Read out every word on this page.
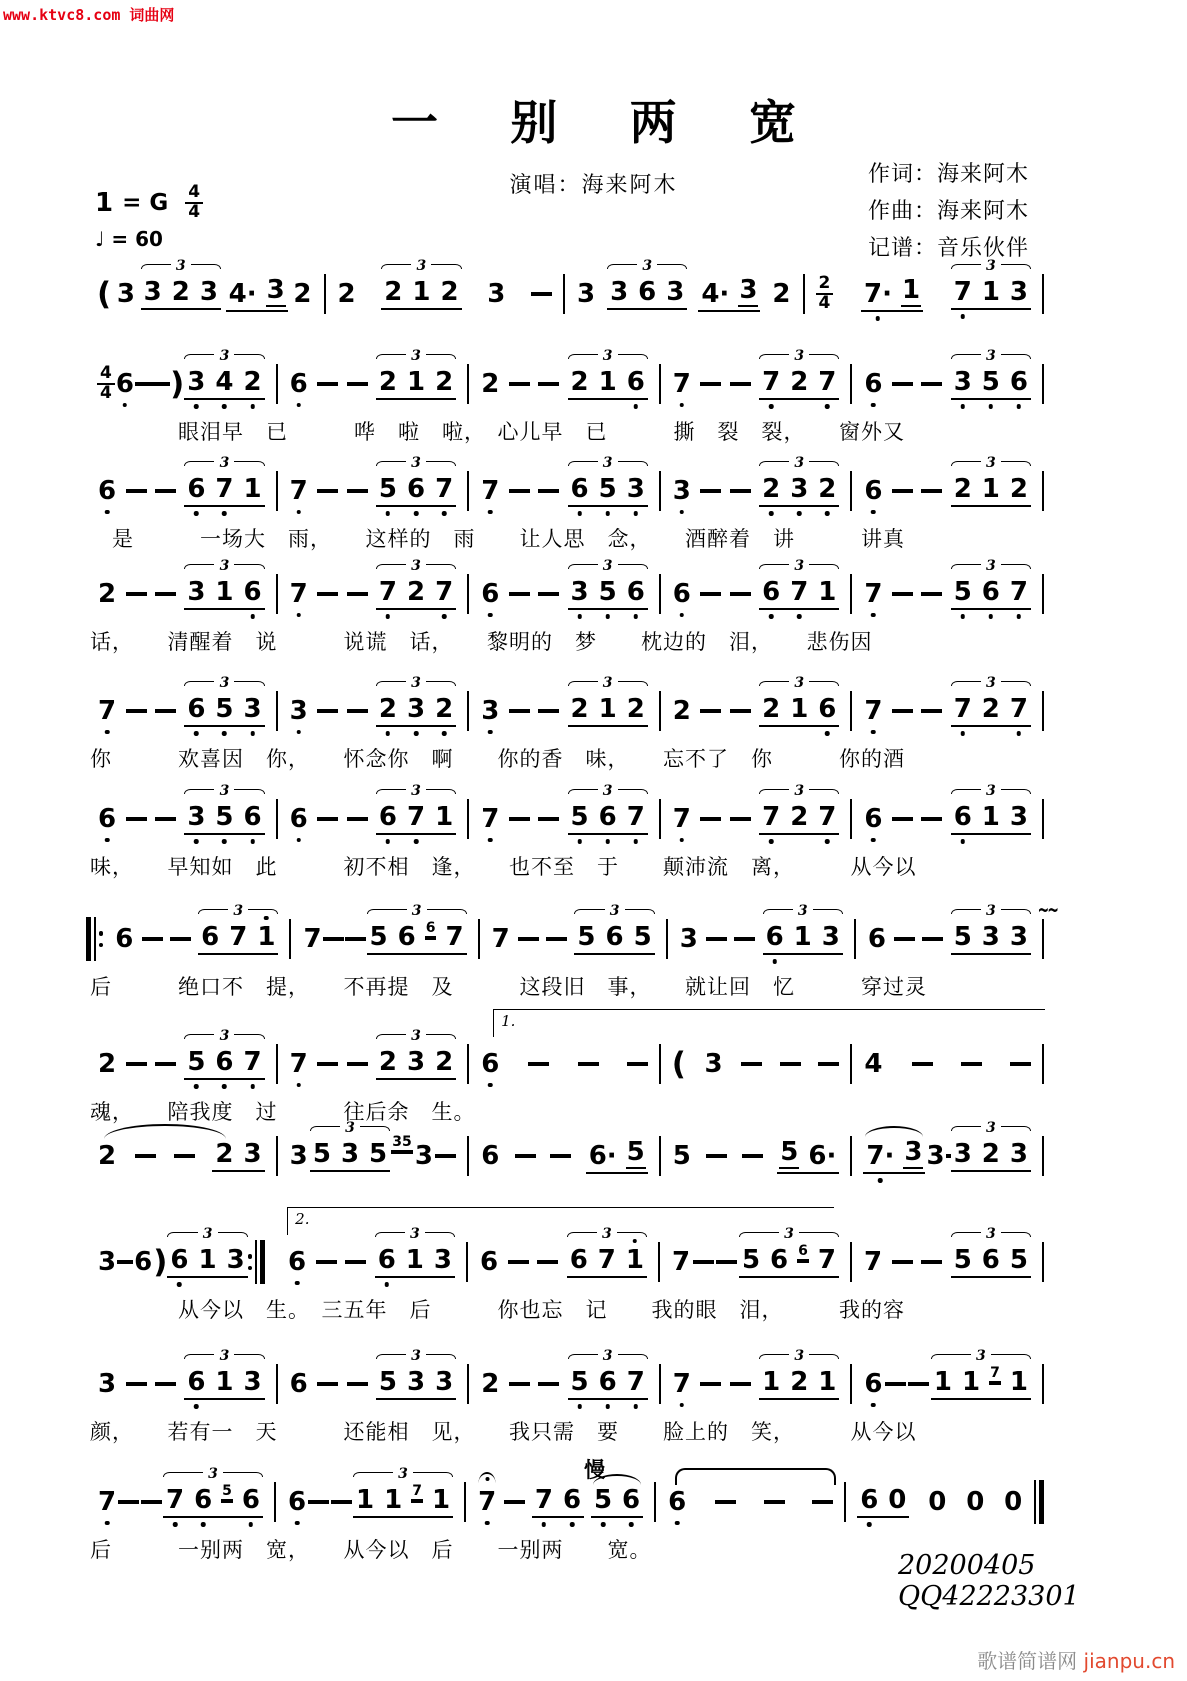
www.ktvc8.com 词曲网
一 别 两 宽
演唱：海来阿木	作词：海来阿木
作曲：海来阿木
记谱：音乐伙伴
1 = G $\frac{4}{4}$
♩ = 60
( 3 3 2 3
3
4· 3 2 2 2 1 2
3
3	3 3 6 3
3
4· 3 $2 \frac{2}{4} 7\cdot 1$ 7 1 3
3
$\frac{4}{4} 6$ ) 3 4 2
3
6	2 1 2
3
2	2 1 6
3
7	7 2 7
3
6	3 5 6
3
　　　　眼泪早　已　　　哗　啦　啦，　心儿早　已　　　撕　裂　裂，　　窗外又
6	6 7 1
3
7	5 6 7
3
7	6 5 3
3
3	2 3 2
3
6	2 1 2
3
　是　　　一场大　雨，　　这样的　雨　　让人思　念，　　酒醉着　讲　　　讲真
2	3 1 6
3
7	7 2 7
3
6	3 5 6
3
6	6 7 1
3
7	5 6 7
3
话，　　清醒着　说　　　说谎　话，　　黎明的　梦　　枕边的　泪，　　悲伤因
7	6 5 3
3
3	2 3 2
3
3	2 1 2
3
2	2 1 6
3
7	7 2 7
3
你　　　欢喜因　你，　　怀念你　啊　　你的香　味，　　忘不了　你　　　你的酒
6	3 5 6
3
6	6 7 1
3
7	5 6 7
3
7	7 2 7
3
6	6 1 3
3
味，　　早知如　此　　　初不相　逢，　　也不至　于　　颠沛流　离，　　　从今以
6	6 7 1
3
7 5 6 6 7
3
7	5 6 5
3
3	6 1 3
3
6	5 3 3
3	~~
后　　　绝口不　提，　　不再提　及　　　这段旧　事，　　就让回　忆　　　穿过灵
2	5 6 7
3
7	2 3 2
3
6	( 3	4
1.
魂，　　陪我度　过　　　往后余　生。
2	2 3 3 5 3 5
3
35 3 6	6· 5 5	5 6· 7· 3 3 3 2 3
3
3 6 ) 6 1 3
3
6	6 1 3
3
6	6 7 1
3
7 5 6 6 7
3
7	5 6 5
3
2.
　　　　从今以　生。　三五年　后　　　你也忘　记　　我的眼　泪，　　　我的容
3	6 1 3
3
6	5 3 3
3
2	5 6 7
3
7	1 2 1
3
6 1 1 7 1
3
颜，　　若有一　天　　　还能相　见，　　我只需　要　　脸上的　笑，　　　从今以
7 7 6 5 6
3
6 1 1 7 1
3
7 7 6 5 6 6	6 0 0 0 0
慢
后　　　一别两　宽，　　从今以　后　　一别两　　宽。	20200405
QQ42223301
歌谱简谱网 jianpu.cn
